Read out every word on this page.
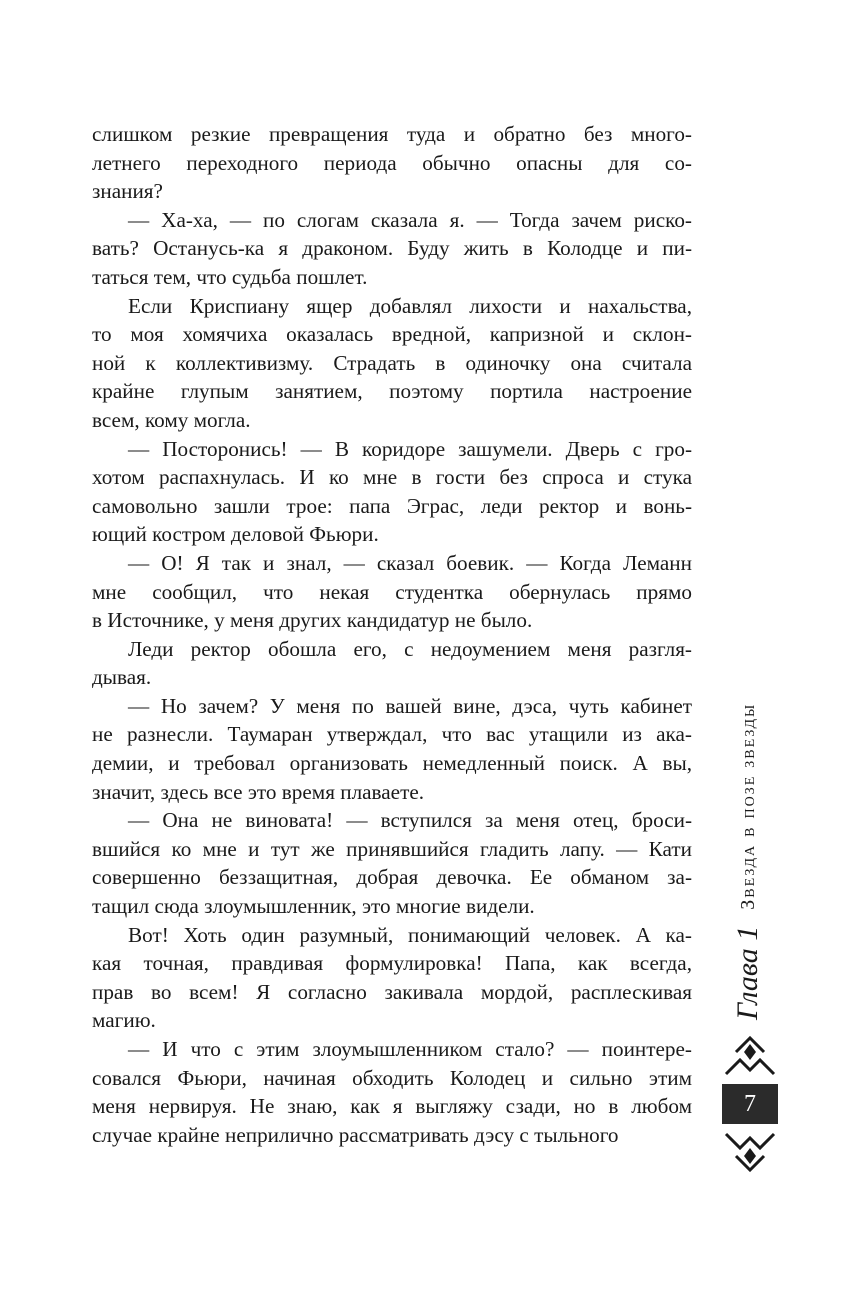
слишком резкие превращения туда и обратно без много-
летнего переходного периода обычно опасны для со-
знания?
— Ха-ха, — по слогам сказала я. — Тогда зачем риско-
вать? Останусь-ка я драконом. Буду жить в Колодце и пи-
таться тем, что судьба пошлет.
Если Криспиану ящер добавлял лихости и нахальства,
то моя хомячиха оказалась вредной, капризной и склон-
ной к коллективизму. Страдать в одиночку она считала
крайне глупым занятием, поэтому портила настроение
всем, кому могла.
— Посторонись! — В коридоре зашумели. Дверь с гро-
хотом распахнулась. И ко мне в гости без спроса и стука
самовольно зашли трое: папа Эграс, леди ректор и вонь-
ющий костром деловой Фьюри.
— О! Я так и знал, — сказал боевик. — Когда Леманн
мне сообщил, что некая студентка обернулась прямо
в Источнике, у меня других кандидатур не было.
Леди ректор обошла его, с недоумением меня разгля-
дывая.
— Но зачем? У меня по вашей вине, дэса, чуть кабинет
не разнесли. Таумаран утверждал, что вас утащили из ака-
демии, и требовал организовать немедленный поиск. А вы,
значит, здесь все это время плаваете.
— Она не виновата! — вступился за меня отец, броси-
вшийся ко мне и тут же принявшийся гладить лапу. — Кати
совершенно беззащитная, добрая девочка. Ее обманом за-
тащил сюда злоумышленник, это многие видели.
Вот! Хоть один разумный, понимающий человек. А ка-
кая точная, правдивая формулировка! Папа, как всегда,
прав во всем! Я согласно закивала мордой, расплескивая
магию.
— И что с этим злоумышленником стало? — поинтере-
совался Фьюри, начиная обходить Колодец и сильно этим
меня нервируя. Не знаю, как я выгляжу сзади, но в любом
случае крайне неприлично рассматривать дэсу с тыльного
Глава 1
Звезда в позе звезды
7
